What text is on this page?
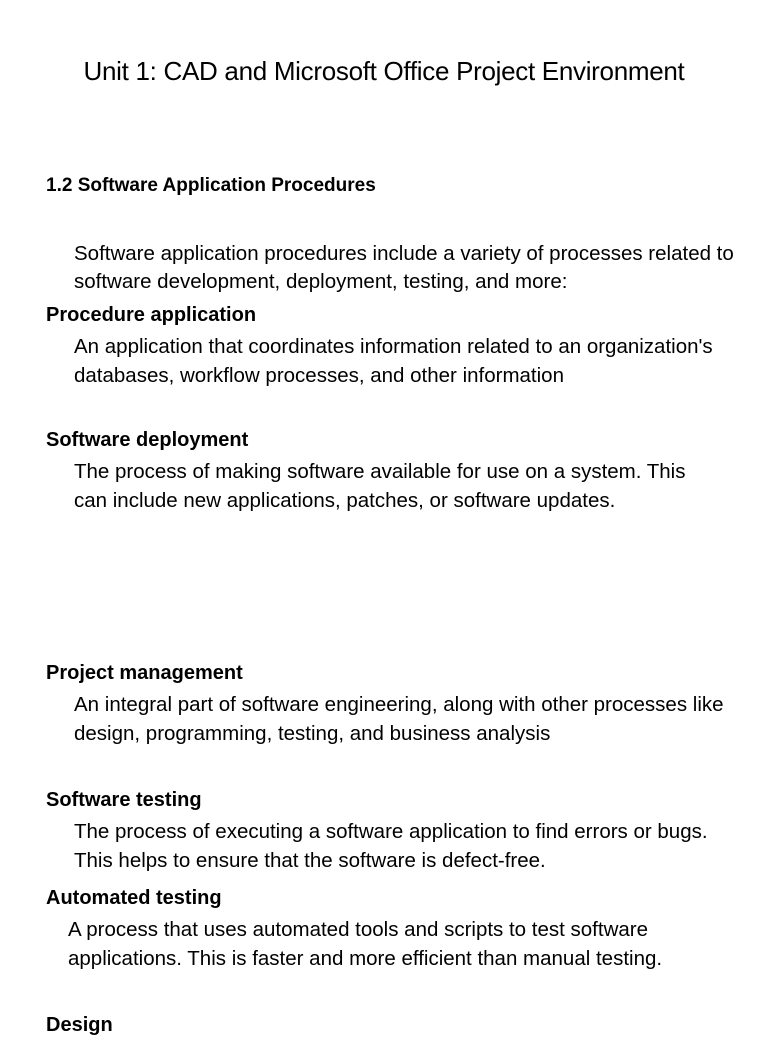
Unit 1: CAD and Microsoft Office Project Environment
1.2 Software Application Procedures

Software application procedures include a variety of processes related to software development, deployment, testing, and more:

Procedure application

An application that coordinates information related to an organization's databases, workflow processes, and other information

Software deployment

The process of making software available for use on a system. This can include new applications, patches, or software updates.

Project management

An integral part of software engineering, along with other processes like design, programming, testing, and business analysis

Software testing

The process of executing a software application to find errors or bugs. This helps to ensure that the software is defect-free.

Automated testing

A process that uses automated tools and scripts to test software applications. This is faster and more efficient than manual testing.

Design
